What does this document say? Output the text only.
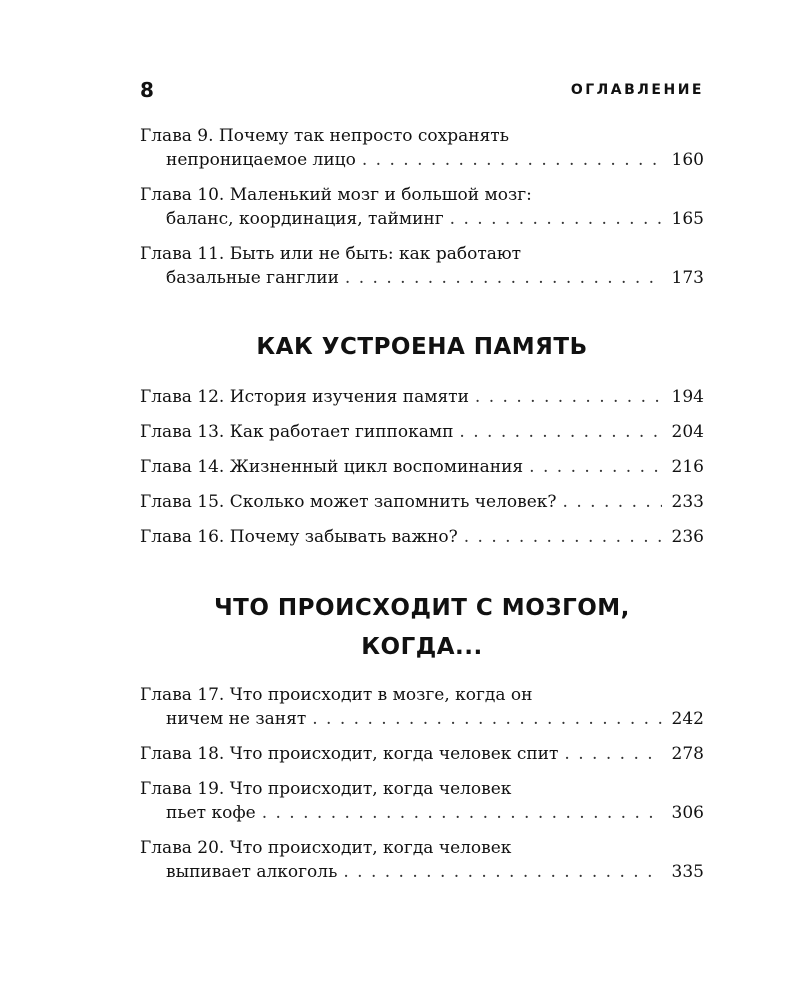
8	ОГЛАВЛЕНИЕ
Глава 9. Почему так непросто сохранять
непроницаемое лицо . . .	160
Глава 10. Маленький мозг и большой мозг:
баланс, координация, тайминг . . .	165
Глава 11. Быть или не быть: как работают
базальные ганглии . . .	173
КАК УСТРОЕНА ПАМЯТЬ
Глава 12. История изучения памяти . . .	194
Глава 13. Как работает гиппокамп . . .	204
Глава 14. Жизненный цикл воспоминания . . .	216
Глава 15. Сколько может запомнить человек? . . .	233
Глава 16. Почему забывать важно? . . .	236
ЧТО ПРОИСХОДИТ С МОЗГОМ,
КОГДА...
Глава 17. Что происходит в мозге, когда он
ничем не занят . . .	242
Глава 18. Что происходит, когда человек спит . . .	278
Глава 19. Что происходит, когда человек
пьет кофе . . .	306
Глава 20. Что происходит, когда человек
выпивает алкоголь . . .	335
